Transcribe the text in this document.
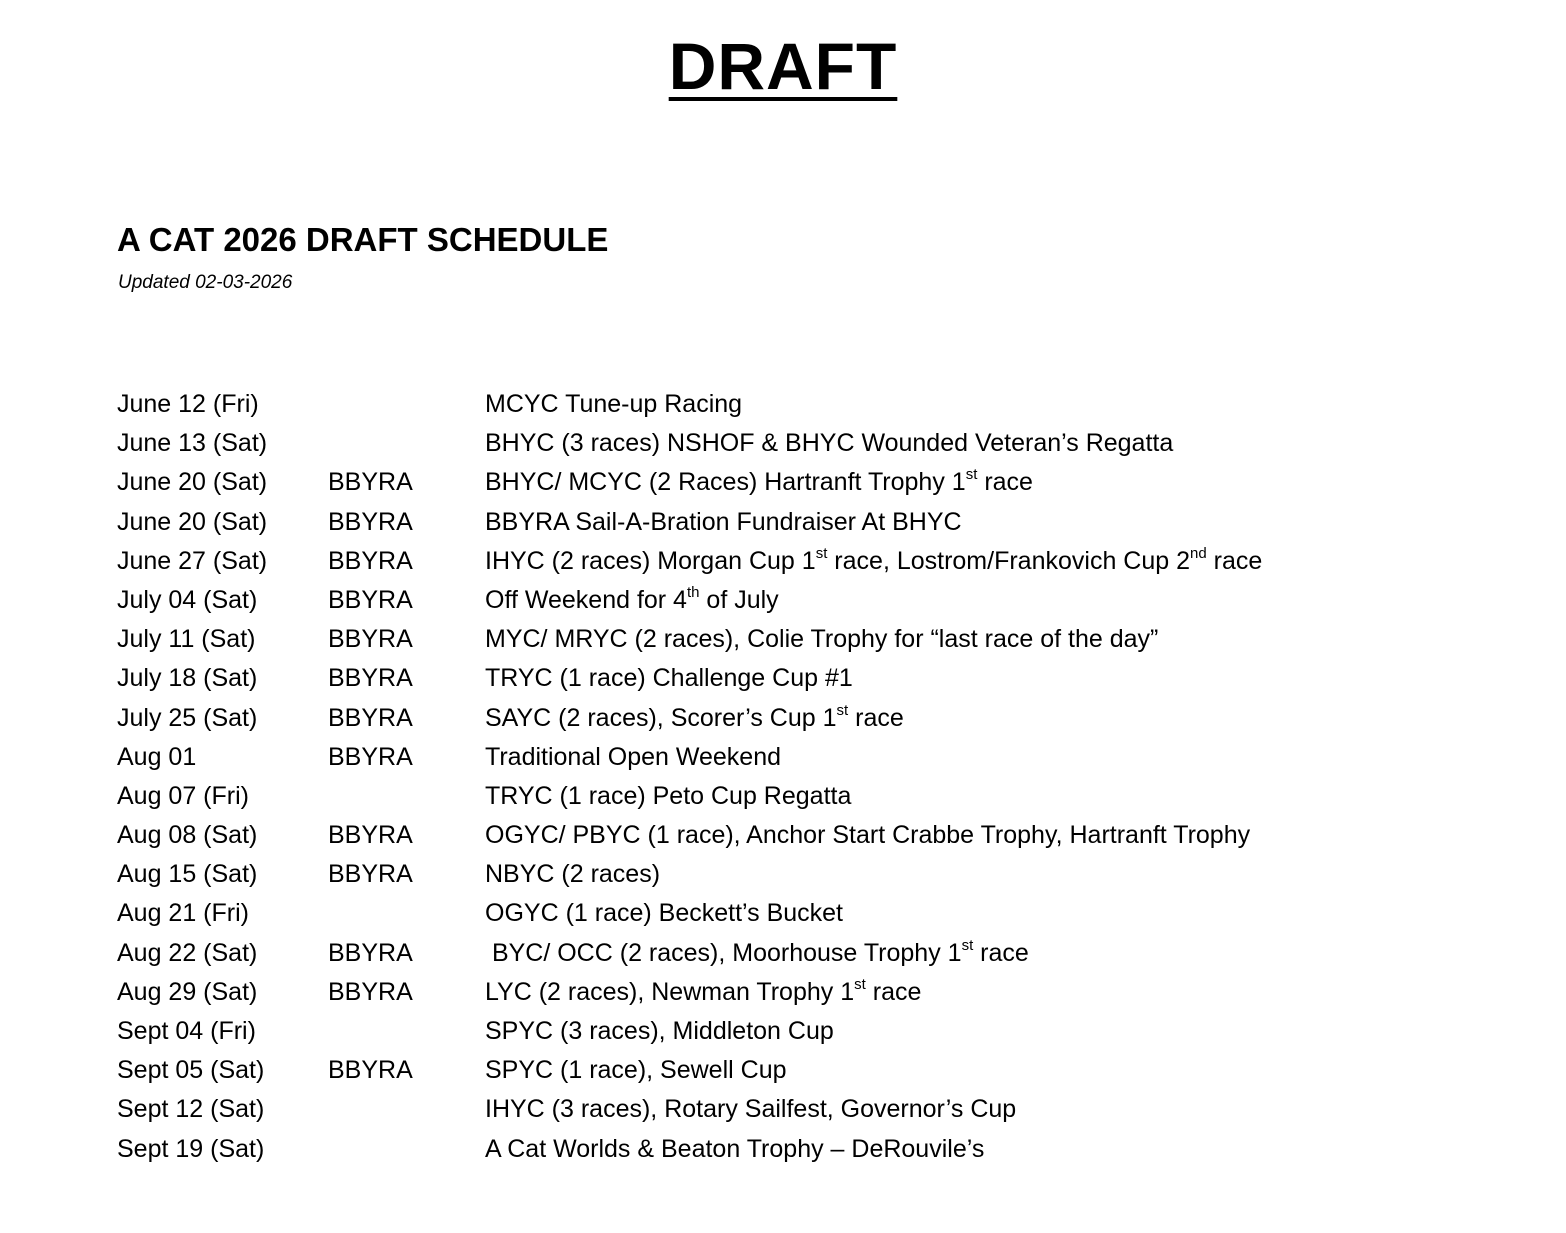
DRAFT
A CAT 2026 DRAFT SCHEDULE
Updated 02-03-2026
June 12 (Fri)	MCYC Tune-up Racing
June 13 (Sat)	BHYC (3 races) NSHOF & BHYC Wounded Veteran’s Regatta
June 20 (Sat) BBYRA	BHYC/ MCYC (2 Races) Hartranft Trophy 1st race
June 20 (Sat) BBYRA	BBYRA Sail-A-Bration Fundraiser At BHYC
June 27 (Sat) BBYRA	IHYC (2 races) Morgan Cup 1st race, Lostrom/Frankovich Cup 2nd race
July 04 (Sat)	BBYRA	Off Weekend for 4th of July
July 11 (Sat)	BBYRA	MYC/ MRYC (2 races), Colie Trophy for “last race of the day”
July 18 (Sat)	BBYRA	TRYC (1 race) Challenge Cup #1
July 25 (Sat)	BBYRA	SAYC (2 races), Scorer’s Cup 1st race
Aug 01	BBYRA	Traditional Open Weekend
Aug 07 (Fri)	TRYC (1 race) Peto Cup Regatta
Aug 08 (Sat)	BBYRA	OGYC/ PBYC (1 race), Anchor Start Crabbe Trophy, Hartranft Trophy
Aug 15 (Sat)	BBYRA	NBYC (2 races)
Aug 21 (Fri)	OGYC (1 race) Beckett’s Bucket
Aug 22 (Sat)	BBYRA	BYC/ OCC (2 races), Moorhouse Trophy 1st race
Aug 29 (Sat)	BBYRA	LYC (2 races), Newman Trophy 1st race
Sept 04 (Fri)	SPYC (3 races), Middleton Cup
Sept 05 (Sat)	BBYRA	SPYC (1 race), Sewell Cup
Sept 12 (Sat)	IHYC (3 races), Rotary Sailfest, Governor’s Cup
Sept 19 (Sat)	A Cat Worlds & Beaton Trophy – DeRouvile’s
